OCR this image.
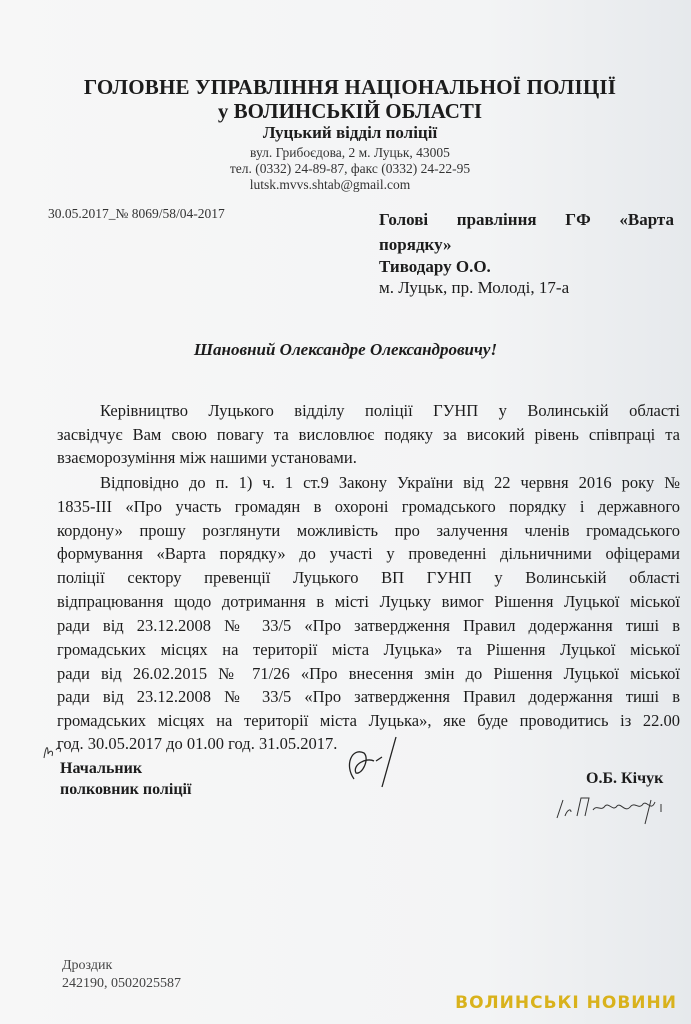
ГОЛОВНЕ УПРАВЛІННЯ НАЦІОНАЛЬНОЇ ПОЛІЦІЇ
у ВОЛИНСЬКІЙ ОБЛАСТІ
Луцький відділ поліції
вул. Грибоєдова, 2 м. Луцьк, 43005
тел. (0332) 24-89-87, факс (0332) 24-22-95
lutsk.mvvs.shtab@gmail.com
30.05.2017_№ 8069/58/04-2017	Голові правління ГФ «Варта
порядку»
Тиводару О.О.
м. Луцьк, пр. Молоді, 17-а
Шановний Олександре Олександровичу!
Керівництво Луцького відділу поліції ГУНП у Волинській області
засвідчує Вам свою повагу та висловлює подяку за високий рівень співпраці та
взаєморозуміння між нашими установами.
Відповідно до п. 1) ч. 1 ст.9 Закону України від 22 червня 2016 року №
1835-ІІІ «Про участь громадян в охороні громадського порядку і державного
кордону» прошу розглянути можливість про залучення членів громадського
формування «Варта порядку» до участі у проведенні дільничними офіцерами
поліції сектору превенції Луцького ВП ГУНП у Волинській області
відпрацювання щодо дотримання в місті Луцьку вимог Рішення Луцької міської
ради від 23.12.2008 № 33/5 «Про затвердження Правил додержання тиші в
громадських місцях на території міста Луцька» та Рішення Луцької міської
ради від 26.02.2015 № 71/26 «Про внесення змін до Рішення Луцької міської
ради від 23.12.2008 № 33/5 «Про затвердження Правил додержання тиші в
громадських місцях на території міста Луцька», яке буде проводитись із 22.00
год. 30.05.2017 до 01.00 год. 31.05.2017.
Начальник
полковник поліції
О.Б. Кічук
Дроздик
242190, 0502025587
ВОЛИНСЬКІ НОВИНИ
